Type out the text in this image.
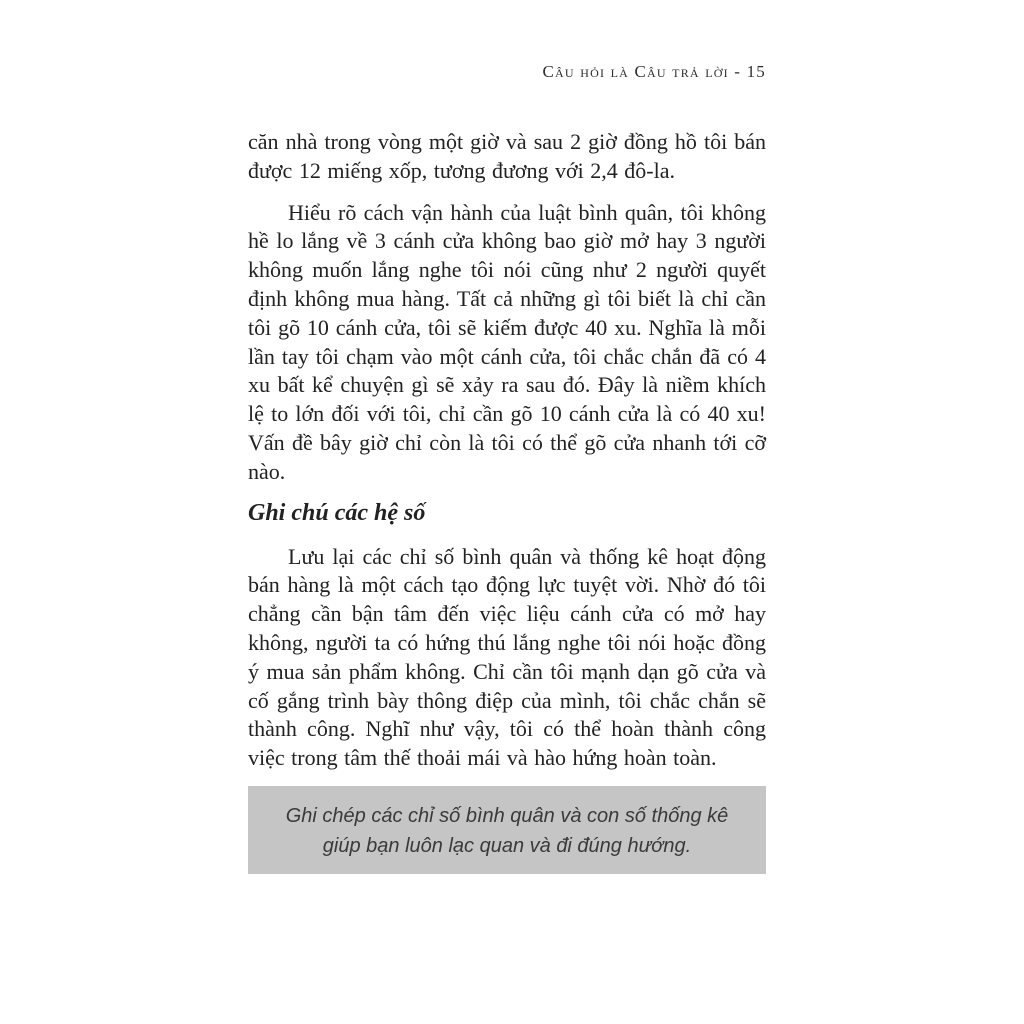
Câu hỏi là Câu trả lời - 15

căn nhà trong vòng một giờ và sau 2 giờ đồng hồ tôi bán được 12 miếng xốp, tương đương với 2,4 đô-la.

Hiểu rõ cách vận hành của luật bình quân, tôi không hề lo lắng về 3 cánh cửa không bao giờ mở hay 3 người không muốn lắng nghe tôi nói cũng như 2 người quyết định không mua hàng. Tất cả những gì tôi biết là chỉ cần tôi gõ 10 cánh cửa, tôi sẽ kiếm được 40 xu. Nghĩa là mỗi lần tay tôi chạm vào một cánh cửa, tôi chắc chắn đã có 4 xu bất kể chuyện gì sẽ xảy ra sau đó. Đây là niềm khích lệ to lớn đối với tôi, chỉ cần gõ 10 cánh cửa là có 40 xu! Vấn đề bây giờ chỉ còn là tôi có thể gõ cửa nhanh tới cỡ nào.

Ghi chú các hệ số

Lưu lại các chỉ số bình quân và thống kê hoạt động bán hàng là một cách tạo động lực tuyệt vời. Nhờ đó tôi chẳng cần bận tâm đến việc liệu cánh cửa có mở hay không, người ta có hứng thú lắng nghe tôi nói hoặc đồng ý mua sản phẩm không. Chỉ cần tôi mạnh dạn gõ cửa và cố gắng trình bày thông điệp của mình, tôi chắc chắn sẽ thành công. Nghĩ như vậy, tôi có thể hoàn thành công việc trong tâm thế thoải mái và hào hứng hoàn toàn.

Ghi chép các chỉ số bình quân và con số thống kê giúp bạn luôn lạc quan và đi đúng hướng.
